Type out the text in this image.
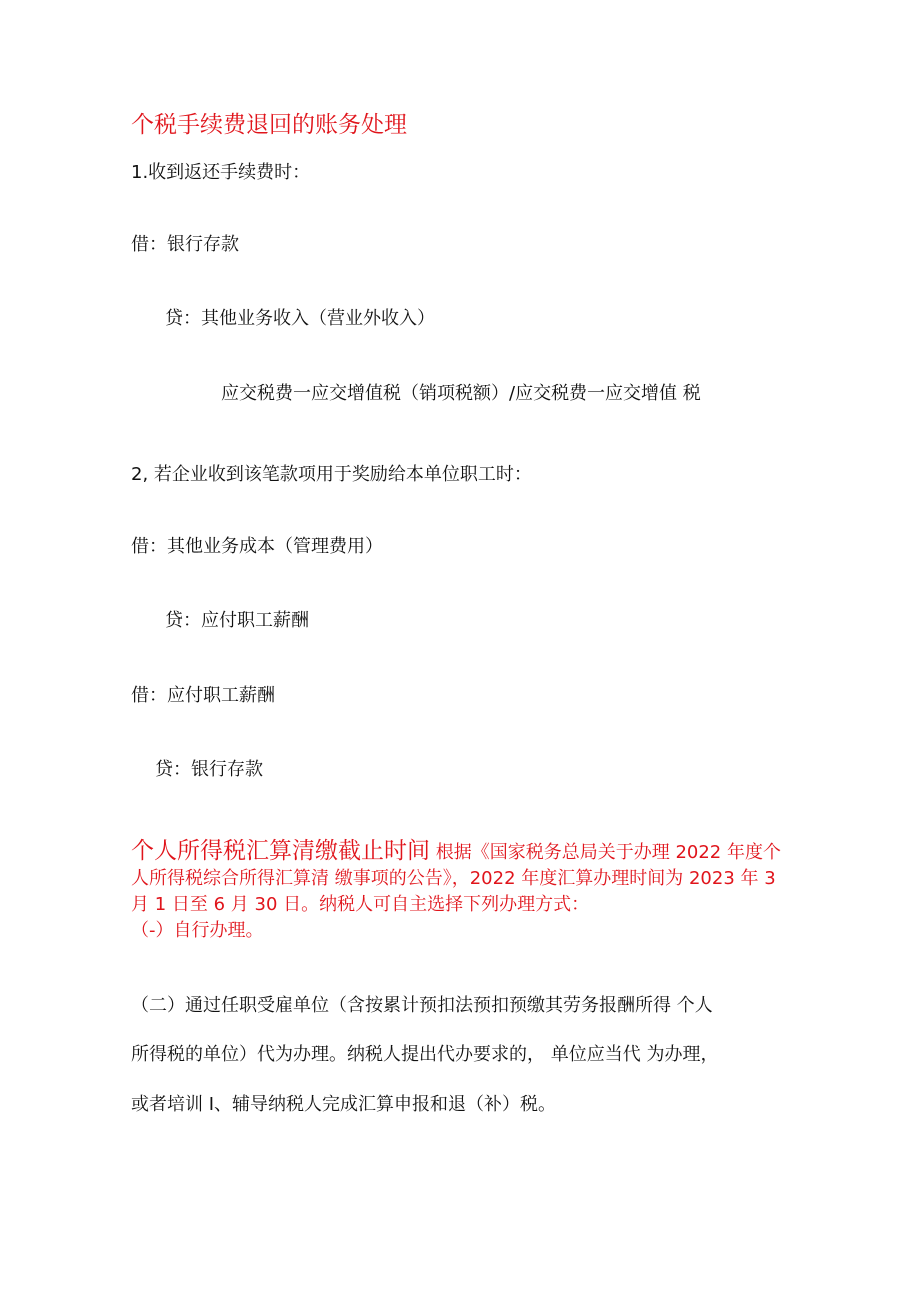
个税手续费退回的账务处理
1.收到返还手续费时：
借：银行存款
贷：其他业务收入（营业外收入）
应交税费一应交增值税（销项税额）/应交税费一应交增值 税
2, 若企业收到该笔款项用于奖励给本单位职工时：
借：其他业务成本（管理费用）
贷：应付职工薪酬
借：应付职工薪酬
贷：银行存款

个人所得税汇算清缴截止时间 根据《国家税务总局关于办理 2022 年度个人所得税综合所得汇算清 缴事项的公告》，2022 年度汇算办理时间为 2023 年 3 月 1 日至 6 月 30 日。纳税人可自主选择下列办理方式：

（-）自行办理。

（二）通过任职受雇单位（含按累计预扣法预扣预缴其劳务报酬所得 个人
所得税的单位）代为办理。纳税人提出代办要求的， 单位应当代 为办理，
或者培训 I、辅导纳税人完成汇算申报和退（补）税。
